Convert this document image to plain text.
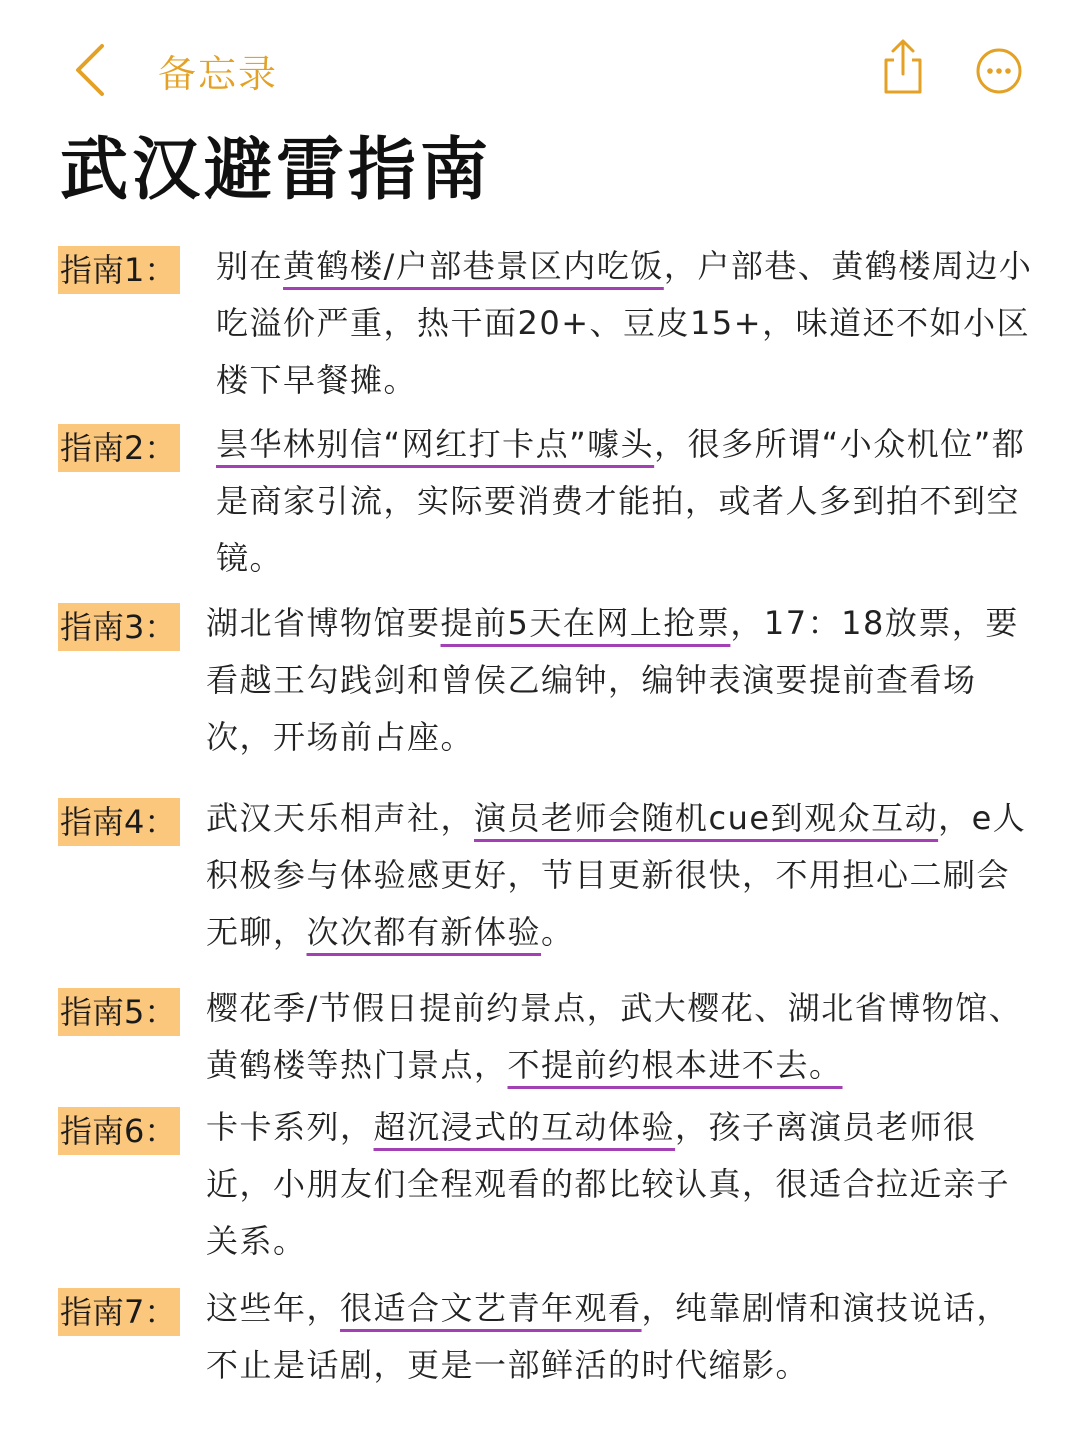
备忘录
武汉避雷指南
指南1： 别在黄鹤楼/户部巷景区内吃饭，户部巷、黄鹤楼周边小吃溢价严重，热干面20+、豆皮15+，味道还不如小区楼下早餐摊。

指南2： 昙华林别信“网红打卡点”噱头，很多所谓“小众机位”都是商家引流，实际要消费才能拍，或者人多到拍不到空镜。

指南3： 湖北省博物馆要提前5天在网上抢票，17：18放票，要看越王勾践剑和曾侯乙编钟，编钟表演要提前查看场次，开场前占座。

指南4： 武汉天乐相声社，演员老师会随机cue到观众互动，e人积极参与体验感更好，节目更新很快，不用担心二刷会无聊，次次都有新体验。

指南5： 樱花季/节假日提前约景点，武大樱花、湖北省博物馆、黄鹤楼等热门景点，不提前约根本进不去。

指南6： 卡卡系列，超沉浸式的互动体验，孩子离演员老师很近，小朋友们全程观看的都比较认真，很适合拉近亲子关系。

指南7： 这些年，很适合文艺青年观看，纯靠剧情和演技说话，不止是话剧，更是一部鲜活的时代缩影。
